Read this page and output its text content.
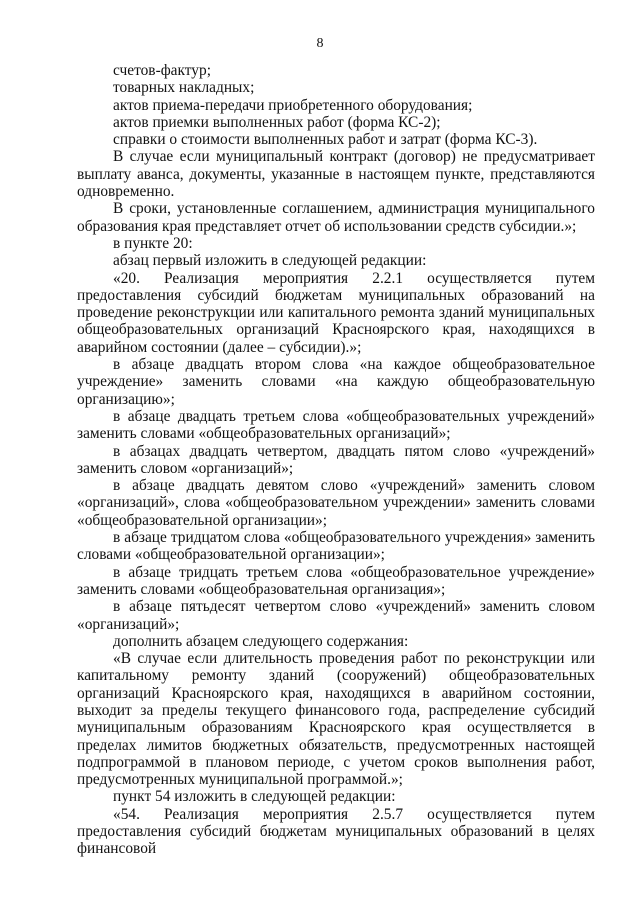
8

счетов-фактур;

товарных накладных;

актов приема-передачи приобретенного оборудования;

актов приемки выполненных работ (форма КС-2);

справки о стоимости выполненных работ и затрат (форма КС-3).

В случае если муниципальный контракт (договор) не предусматривает выплату аванса, документы, указанные в настоящем пункте, представляются одновременно.

В сроки, установленные соглашением, администрация муниципального образования края представляет отчет об использовании средств субсидии.»;

в пункте 20:

абзац первый изложить в следующей редакции:

«20. Реализация мероприятия 2.2.1 осуществляется путем предоставления субсидий бюджетам муниципальных образований на проведение реконструкции или капитального ремонта зданий муниципальных общеобразовательных организаций Красноярского края, находящихся в аварийном состоянии (далее – субсидии).»;

в абзаце двадцать втором слова «на каждое общеобразовательное учреждение» заменить словами «на каждую общеобразовательную организацию»;

в абзаце двадцать третьем слова «общеобразовательных учреждений» заменить словами «общеобразовательных организаций»;

в абзацах двадцать четвертом, двадцать пятом слово «учреждений» заменить словом «организаций»;

в абзаце двадцать девятом слово «учреждений» заменить словом «организаций», слова «общеобразовательном учреждении» заменить словами «общеобразовательной организации»;

в абзаце тридцатом слова «общеобразовательного учреждения» заменить словами «общеобразовательной организации»;

в абзаце тридцать третьем слова «общеобразовательное учреждение» заменить словами «общеобразовательная организация»;

в абзаце пятьдесят четвертом слово «учреждений» заменить словом «организаций»;

дополнить абзацем следующего содержания:

«В случае если длительность проведения работ по реконструкции или капитальному ремонту зданий (сооружений) общеобразовательных организаций Красноярского края, находящихся в аварийном состоянии, выходит за пределы текущего финансового года, распределение субсидий муниципальным образованиям Красноярского края осуществляется в пределах лимитов бюджетных обязательств, предусмотренных настоящей подпрограммой в плановом периоде, с учетом сроков выполнения работ, предусмотренных муниципальной программой.»;

пункт 54 изложить в следующей редакции:

«54. Реализация мероприятия 2.5.7 осуществляется путем предоставления субсидий бюджетам муниципальных образований в целях финансовой
